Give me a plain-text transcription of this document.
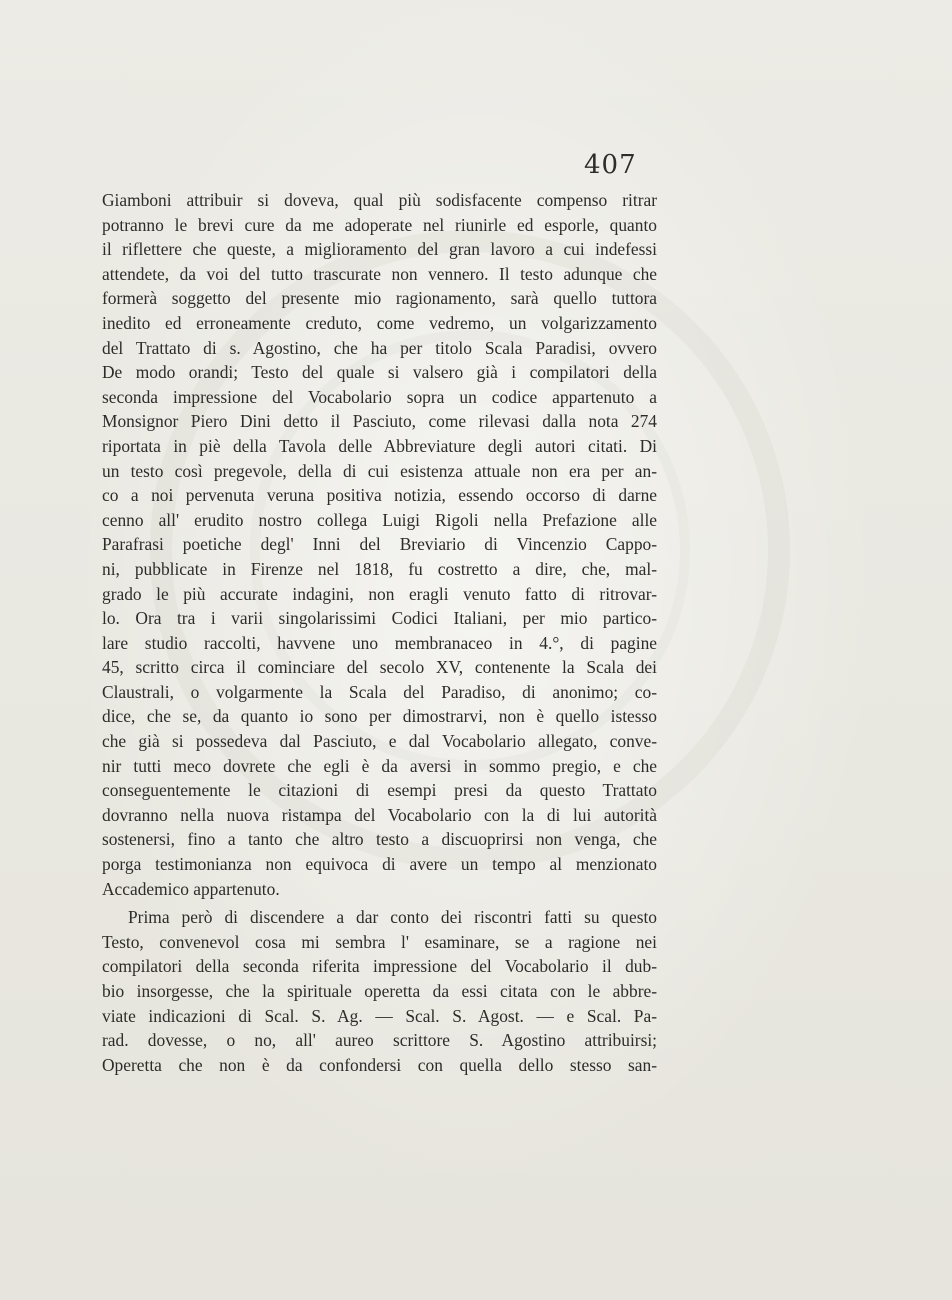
407
Giamboni attribuir si doveva, qual più sodisfacente compenso ritrar
potranno le brevi cure da me adoperate nel riunirle ed esporle, quanto
il riflettere che queste, a miglioramento del gran lavoro a cui indefessi
attendete, da voi del tutto trascurate non vennero. Il testo adunque che
formerà soggetto del presente mio ragionamento, sarà quello tuttora
inedito ed erroneamente creduto, come vedremo, un volgarizzamento
del Trattato di s. Agostino, che ha per titolo Scala Paradisi, ovvero
De modo orandi; Testo del quale si valsero già i compilatori della
seconda impressione del Vocabolario sopra un codice appartenuto a
Monsignor Piero Dini detto il Pasciuto, come rilevasi dalla nota 274
riportata in piè della Tavola delle Abbreviature degli autori citati. Di
un testo così pregevole, della di cui esistenza attuale non era per an-
co a noi pervenuta veruna positiva notizia, essendo occorso di darne
cenno all' erudito nostro collega Luigi Rigoli nella Prefazione alle
Parafrasi poetiche degl' Inni del Breviario di Vincenzio Cappo-
ni, pubblicate in Firenze nel 1818, fu costretto a dire, che, mal-
grado le più accurate indagini, non eragli venuto fatto di ritrovar-
lo. Ora tra i varii singolarissimi Codici Italiani, per mio partico-
lare studio raccolti, havvene uno membranaceo in 4.°, di pagine
45, scritto circa il cominciare del secolo XV, contenente la Scala dei
Claustrali, o volgarmente la Scala del Paradiso, di anonimo; co-
dice, che se, da quanto io sono per dimostrarvi, non è quello istesso
che già si possedeva dal Pasciuto, e dal Vocabolario allegato, conve-
nir tutti meco dovrete che egli è da aversi in sommo pregio, e che
conseguentemente le citazioni di esempi presi da questo Trattato
dovranno nella nuova ristampa del Vocabolario con la di lui autorità
sostenersi, fino a tanto che altro testo a discuoprirsi non venga, che
porga testimonianza non equivoca di avere un tempo al menzionato
Accademico appartenuto.
Prima però di discendere a dar conto dei riscontri fatti su questo
Testo, convenevol cosa mi sembra l' esaminare, se a ragione nei
compilatori della seconda riferita impressione del Vocabolario il dub-
bio insorgesse, che la spirituale operetta da essi citata con le abbre-
viate indicazioni di Scal. S. Ag. — Scal. S. Agost. — e Scal. Pa-
rad. dovesse, o no, all' aureo scrittore S. Agostino attribuirsi;
Operetta che non è da confondersi con quella dello stesso san-
